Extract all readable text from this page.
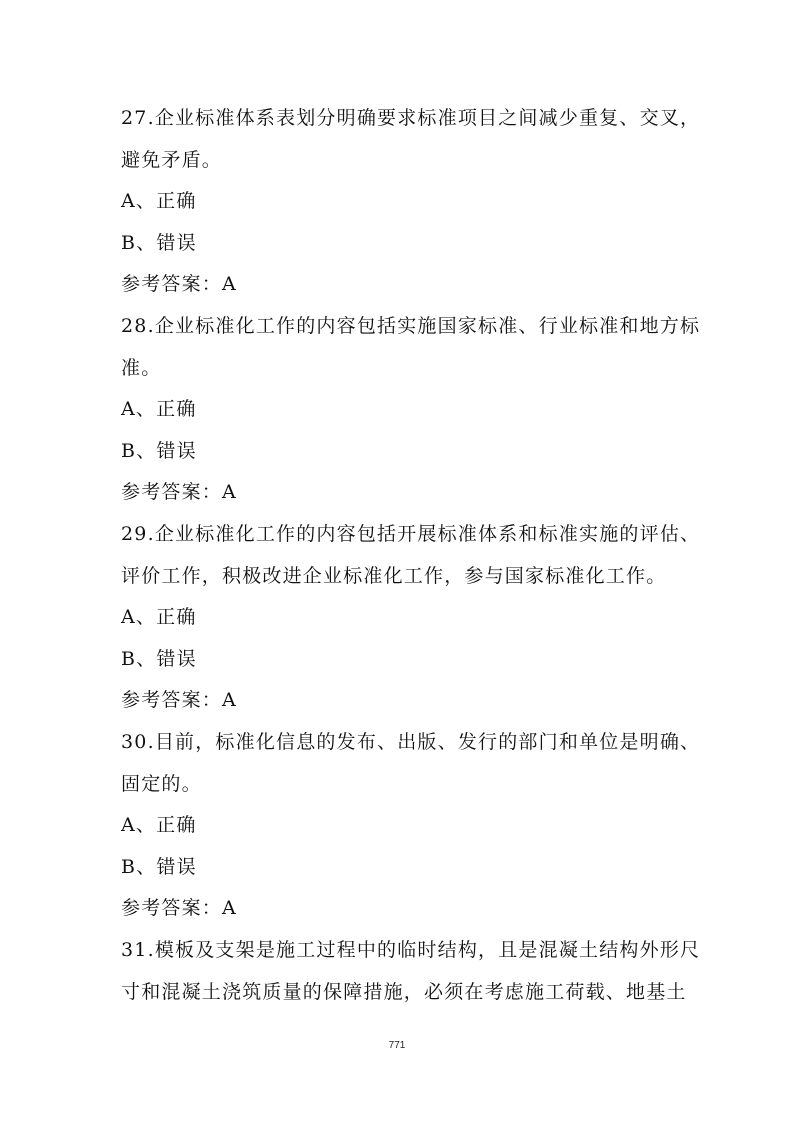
27.企业标准体系表划分明确要求标准项目之间减少重复、交叉，
避免矛盾。
A、正确
B、错误
参考答案：A
28.企业标准化工作的内容包括实施国家标准、行业标准和地方标
准。
A、正确
B、错误
参考答案：A
29.企业标准化工作的内容包括开展标准体系和标准实施的评估、
评价工作，积极改进企业标准化工作，参与国家标准化工作。
A、正确
B、错误
参考答案：A
30.目前，标准化信息的发布、出版、发行的部门和单位是明确、
固定的。
A、正确
B、错误
参考答案：A
31.模板及支架是施工过程中的临时结构，且是混凝土结构外形尺
寸和混凝土浇筑质量的保障措施，必须在考虑施工荷载、地基土
771
